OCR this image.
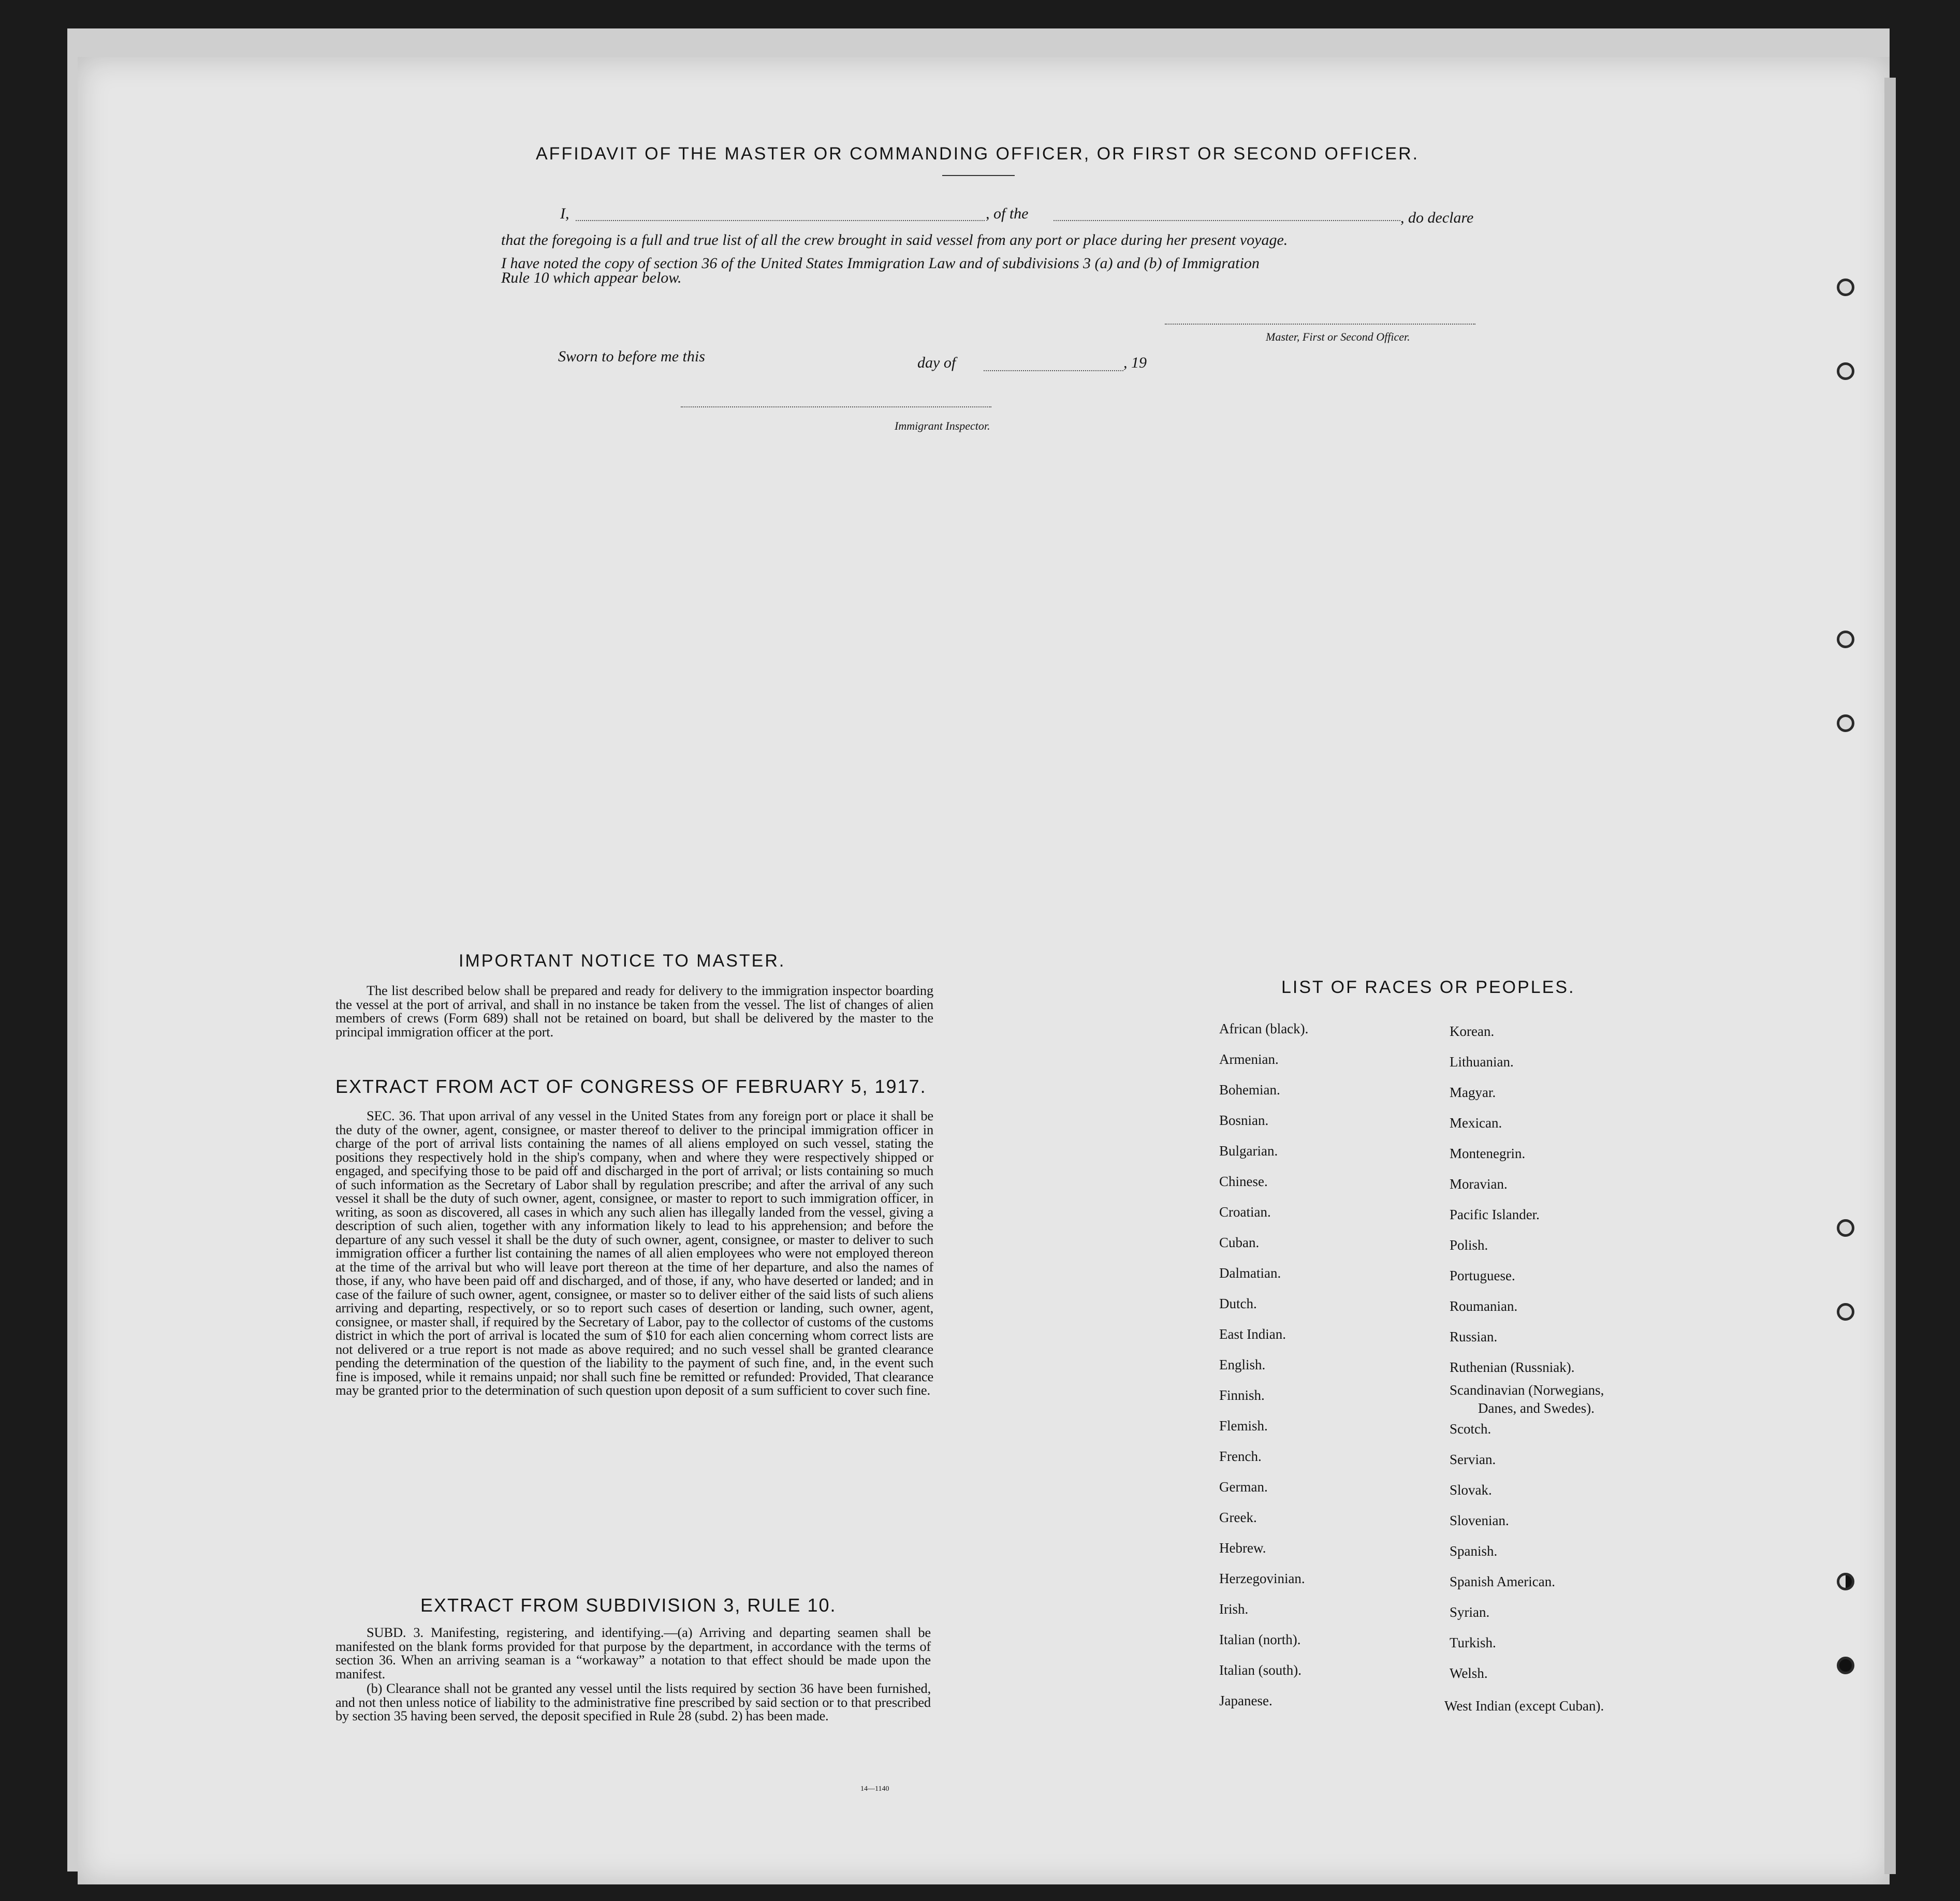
AFFIDAVIT OF THE MASTER OR COMMANDING OFFICER, OR FIRST OR SECOND OFFICER.
I,	, of the	, do declare
that the foregoing is a full and true list of all the crew brought in said vessel from any port or place during her present voyage.
I have noted the copy of section 36 of the United States Immigration Law and of subdivisions 3 (a) and (b) of Immigration
Rule 10 which appear below.
Master, First or Second Officer.
Sworn to before me this	day of	, 19
Immigrant Inspector.
IMPORTANT NOTICE TO MASTER.
The list described below shall be prepared and ready for delivery to the immigration inspector boarding the vessel at the port of arrival, and shall in no instance be taken from the vessel. The list of changes of alien members of crews (Form 689) shall not be retained on board, but shall be delivered by the master to the principal immigration officer at the port.
EXTRACT FROM ACT OF CONGRESS OF FEBRUARY 5, 1917.
SEC. 36. That upon arrival of any vessel in the United States from any foreign port or place it shall be the duty of the owner, agent, consignee, or master thereof to deliver to the principal immigration officer in charge of the port of arrival lists containing the names of all aliens employed on such vessel, stating the positions they respectively hold in the ship's company, when and where they were respectively shipped or engaged, and specifying those to be paid off and discharged in the port of arrival; or lists containing so much of such information as the Secretary of Labor shall by regulation prescribe; and after the arrival of any such vessel it shall be the duty of such owner, agent, consignee, or master to report to such immigration officer, in writing, as soon as discovered, all cases in which any such alien has illegally landed from the vessel, giving a description of such alien, together with any information likely to lead to his apprehension; and before the departure of any such vessel it shall be the duty of such owner, agent, consignee, or master to deliver to such immigration officer a further list containing the names of all alien employees who were not employed thereon at the time of the arrival but who will leave port thereon at the time of her departure, and also the names of those, if any, who have been paid off and discharged, and of those, if any, who have deserted or landed; and in case of the failure of such owner, agent, consignee, or master so to deliver either of the said lists of such aliens arriving and departing, respectively, or so to report such cases of desertion or landing, such owner, agent, consignee, or master shall, if required by the Secretary of Labor, pay to the collector of customs of the customs district in which the port of arrival is located the sum of $10 for each alien concerning whom correct lists are not delivered or a true report is not made as above required; and no such vessel shall be granted clearance pending the determination of the question of the liability to the payment of such fine, and, in the event such fine is imposed, while it remains unpaid; nor shall such fine be remitted or refunded: Provided, That clearance may be granted prior to the determination of such question upon deposit of a sum sufficient to cover such fine.
EXTRACT FROM SUBDIVISION 3, RULE 10.
SUBD. 3. Manifesting, registering, and identifying.—(a) Arriving and departing seamen shall be manifested on the blank forms provided for that purpose by the department, in accordance with the terms of section 36. When an arriving seaman is a “workaway” a notation to that effect should be made upon the manifest.
(b) Clearance shall not be granted any vessel until the lists required by section 36 have been furnished, and not then unless notice of liability to the administrative fine prescribed by said section or to that prescribed by section 35 having been served, the deposit specified in Rule 28 (subd. 2) has been made.
14—1140
LIST OF RACES OR PEOPLES.
African (black).
Armenian.
Bohemian.
Bosnian.
Bulgarian.
Chinese.
Croatian.
Cuban.
Dalmatian.
Dutch.
East Indian.
English.
Finnish.
Flemish.
French.
German.
Greek.
Hebrew.
Herzegovinian.
Irish.
Italian (north).
Italian (south).
Japanese.
Korean.
Lithuanian.
Magyar.
Mexican.
Montenegrin.
Moravian.
Pacific Islander.
Polish.
Portuguese.
Roumanian.
Russian.
Ruthenian (Russniak).
Scandinavian (Norwegians,
Danes, and Swedes).
Scotch.
Servian.
Slovak.
Slovenian.
Spanish.
Spanish American.
Syrian.
Turkish.
Welsh.
West Indian (except Cuban).
